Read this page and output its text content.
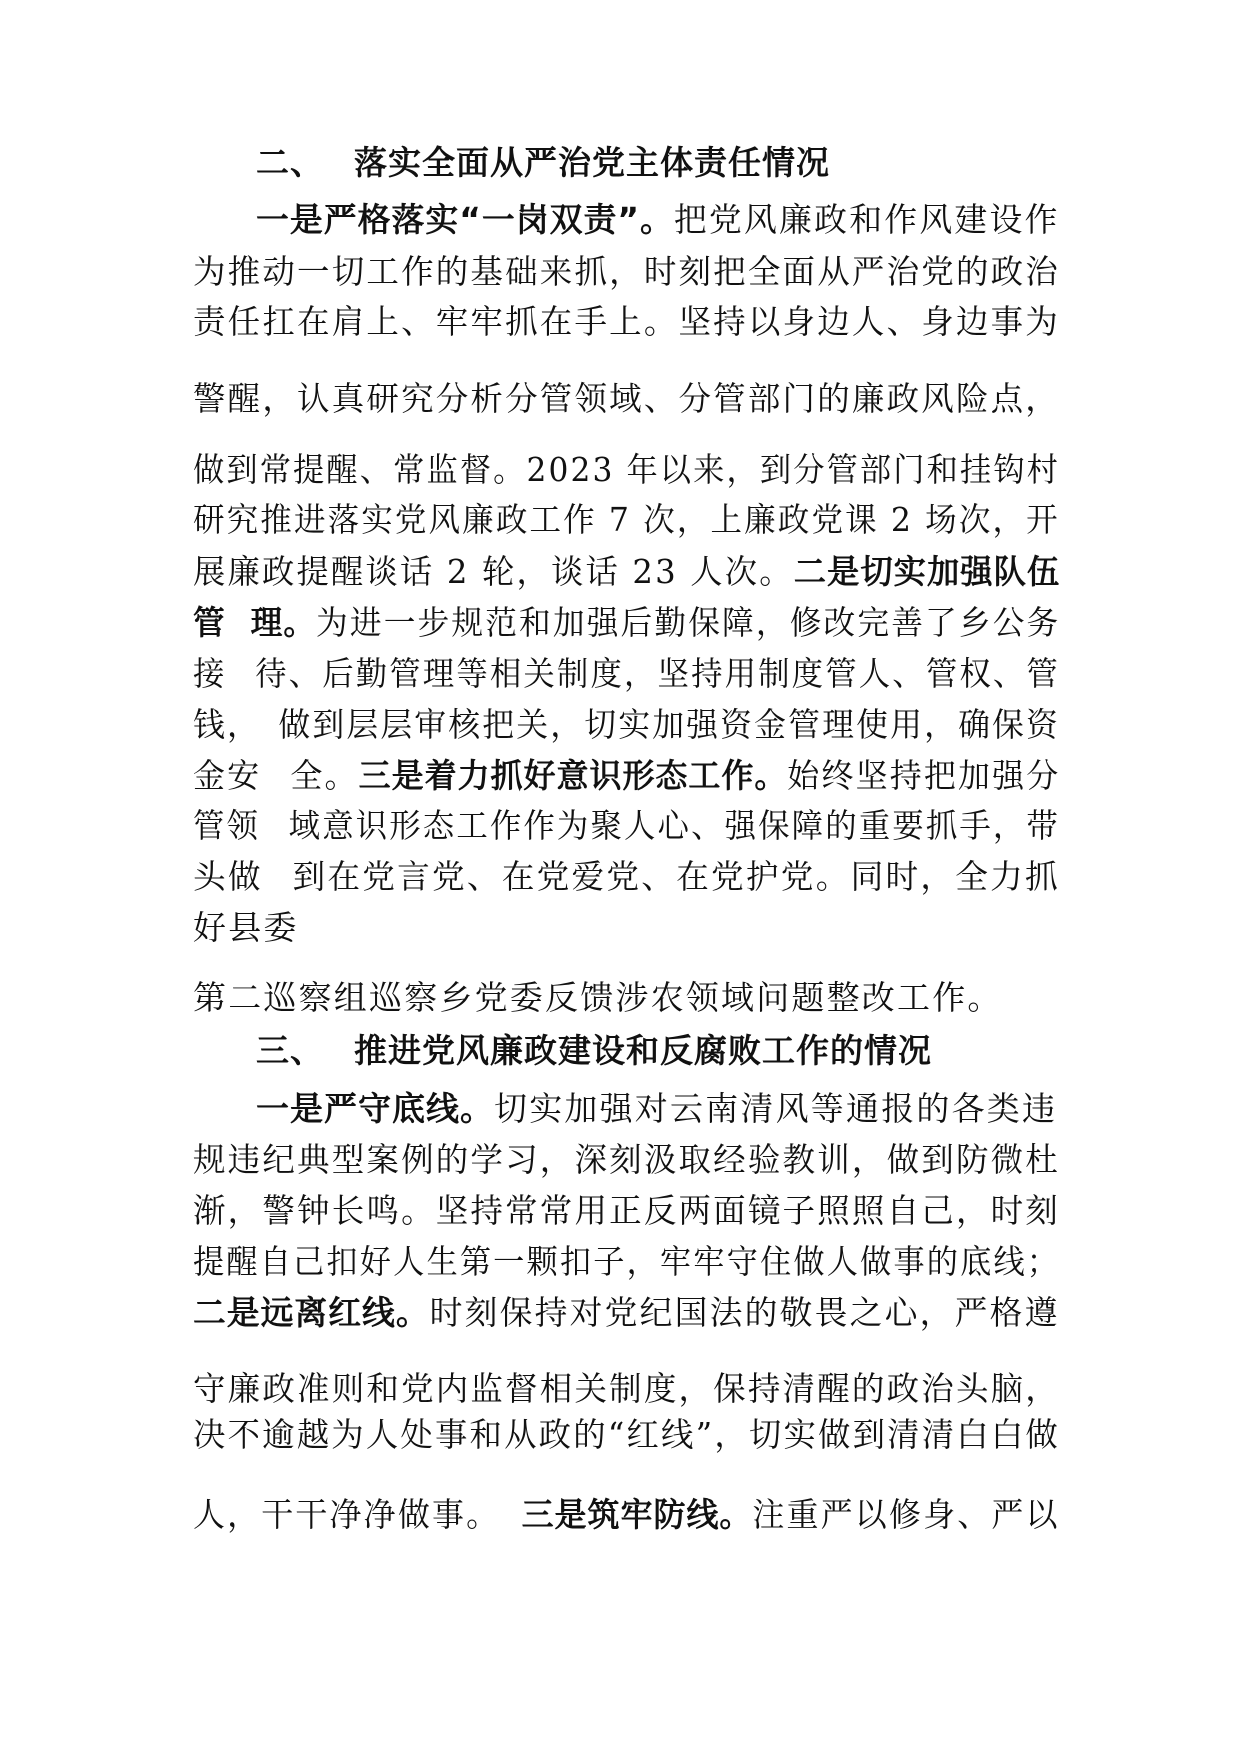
二、 落实全面从严治党主体责任情况

一是严格落实“一岗双责”。把党风廉政和作风建设作

为推动一切工作的基础来抓，时刻把全面从严治党的政治

责任扛在肩上、牢牢抓在手上。坚持以身边人、身边事为

警醒，认真研究分析分管领域、分管部门的廉政风险点，

做到常提醒、常监督。2023 年以来，到分管部门和挂钩村

研究推进落实党风廉政工作 7 次，上廉政党课 2 场次，开

展廉政提醒谈话 2 轮，谈话 23 人次。二是切实加强队伍

管 理。为进一步规范和加强后勤保障，修改完善了乡公务

接 待、后勤管理等相关制度，坚持用制度管人、管权、管

钱， 做到层层审核把关，切实加强资金管理使用，确保资

金安 全。三是着力抓好意识形态工作。始终坚持把加强分

管领 域意识形态工作作为聚人心、强保障的重要抓手，带

头做 到在党言党、在党爱党、在党护党。同时，全力抓

好县委

第二巡察组巡察乡党委反馈涉农领域问题整改工作。

三、 推进党风廉政建设和反腐败工作的情况

一是严守底线。切实加强对云南清风等通报的各类违

规违纪典型案例的学习，深刻汲取经验教训，做到防微杜

渐，警钟长鸣。坚持常常用正反两面镜子照照自己，时刻

提醒自己扣好人生第一颗扣子，牢牢守住做人做事的底线；

二是远离红线。时刻保持对党纪国法的敬畏之心，严格遵

守廉政准则和党内监督相关制度，保持清醒的政治头脑，

决不逾越为人处事和从政的“红线”，切实做到清清白白做

人，干干净净做事。 三是筑牢防线。注重严以修身、严以
